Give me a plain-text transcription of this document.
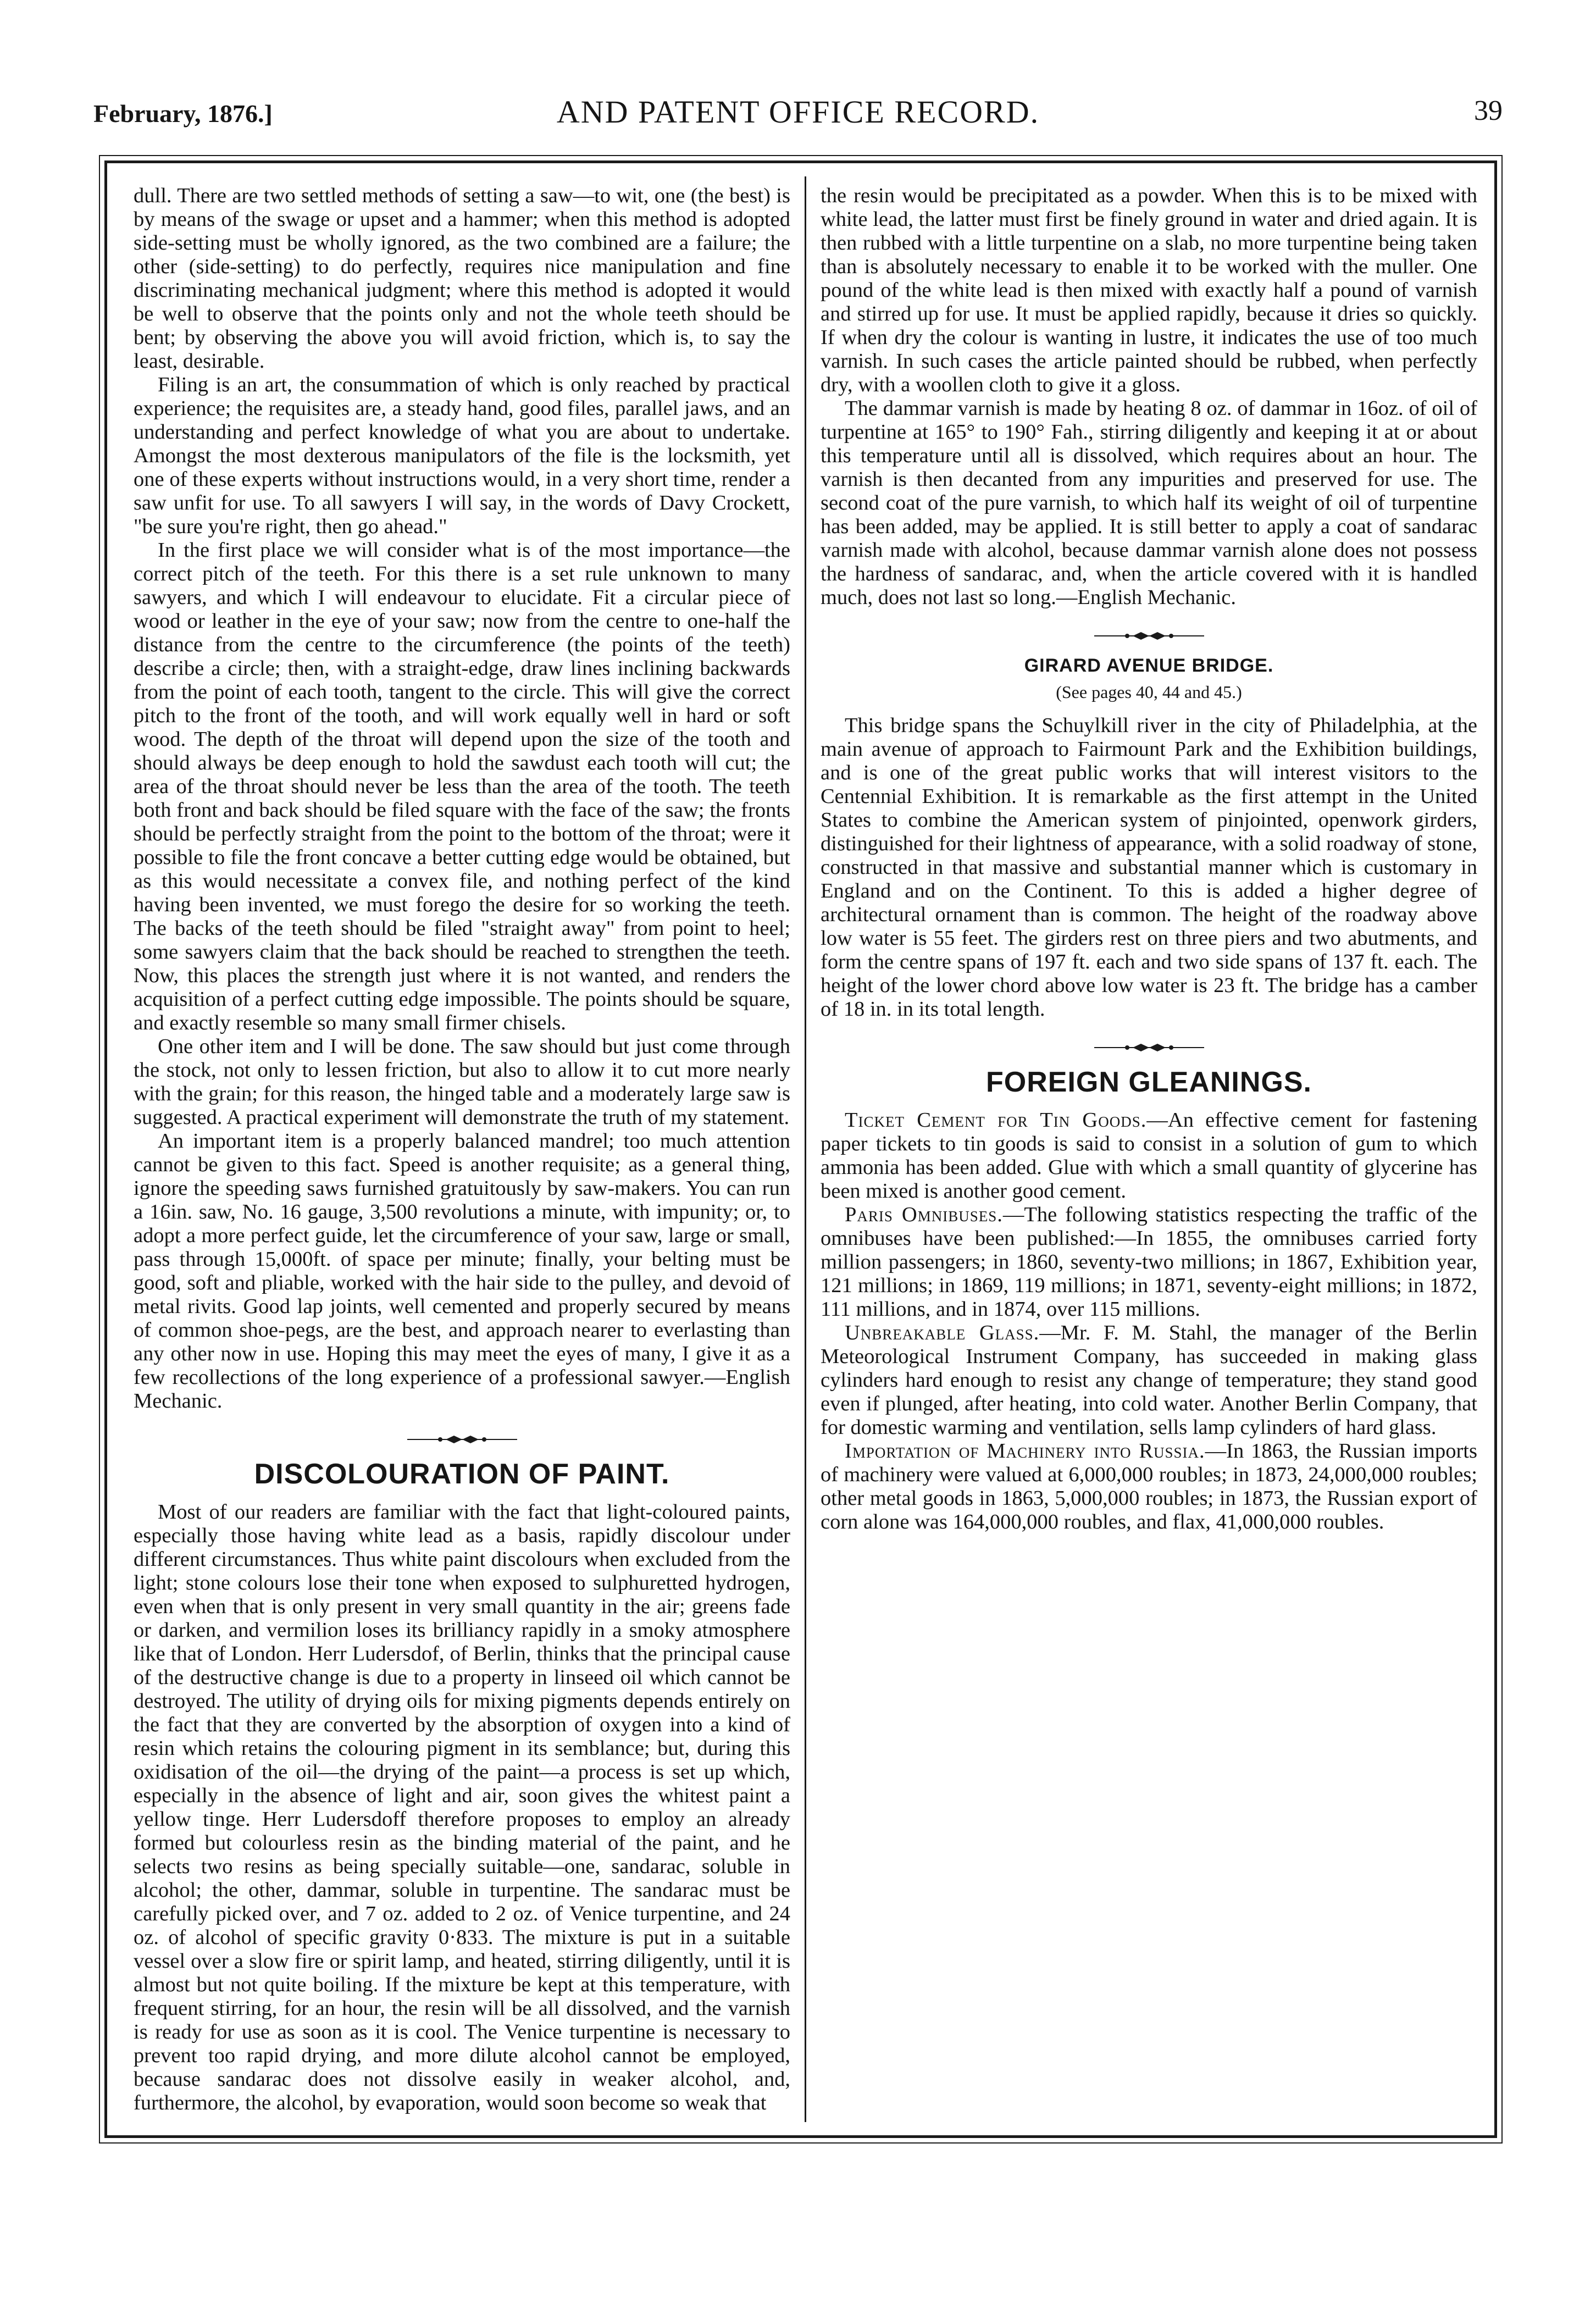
February, 1876.]	AND PATENT OFFICE RECORD.	39

dull. There are two settled methods of setting a saw—to wit, one (the best) is by means of the swage or upset and a hammer; when this method is adopted side-setting must be wholly ignored, as the two combined are a failure; the other (side-setting) to do perfectly, requires nice manipulation and fine discriminating mechanical judgment; where this method is adopted it would be well to observe that the points only and not the whole teeth should be bent; by observing the above you will avoid friction, which is, to say the least, desirable.

Filing is an art, the consummation of which is only reached by practical experience; the requisites are, a steady hand, good files, parallel jaws, and an understanding and perfect knowledge of what you are about to undertake. Amongst the most dexterous manipulators of the file is the locksmith, yet one of these experts without instructions would, in a very short time, render a saw unfit for use. To all sawyers I will say, in the words of Davy Crockett, "be sure you're right, then go ahead."

In the first place we will consider what is of the most importance—the correct pitch of the teeth. For this there is a set rule unknown to many sawyers, and which I will endeavour to elucidate. Fit a circular piece of wood or leather in the eye of your saw; now from the centre to one-half the distance from the centre to the circumference (the points of the teeth) describe a circle; then, with a straight-edge, draw lines inclining backwards from the point of each tooth, tangent to the circle. This will give the correct pitch to the front of the tooth, and will work equally well in hard or soft wood. The depth of the throat will depend upon the size of the tooth and should always be deep enough to hold the sawdust each tooth will cut; the area of the throat should never be less than the area of the tooth. The teeth both front and back should be filed square with the face of the saw; the fronts should be perfectly straight from the point to the bottom of the throat; were it possible to file the front concave a better cutting edge would be obtained, but as this would necessitate a convex file, and nothing perfect of the kind having been invented, we must forego the desire for so working the teeth. The backs of the teeth should be filed "straight away" from point to heel; some sawyers claim that the back should be reached to strengthen the teeth. Now, this places the strength just where it is not wanted, and renders the acquisition of a perfect cutting edge impossible. The points should be square, and exactly resemble so many small firmer chisels.

One other item and I will be done. The saw should but just come through the stock, not only to lessen friction, but also to allow it to cut more nearly with the grain; for this reason, the hinged table and a moderately large saw is suggested. A practical experiment will demonstrate the truth of my statement.

An important item is a properly balanced mandrel; too much attention cannot be given to this fact. Speed is another requisite; as a general thing, ignore the speeding saws furnished gratuitously by saw-makers. You can run a 16in. saw, No. 16 gauge, 3,500 revolutions a minute, with impunity; or, to adopt a more perfect guide, let the circumference of your saw, large or small, pass through 15,000ft. of space per minute; finally, your belting must be good, soft and pliable, worked with the hair side to the pulley, and devoid of metal rivits. Good lap joints, well cemented and properly secured by means of common shoe-pegs, are the best, and approach nearer to everlasting than any other now in use. Hoping this may meet the eyes of many, I give it as a few recollections of the long experience of a professional sawyer.—English Mechanic.

DISCOLOURATION OF PAINT.

Most of our readers are familiar with the fact that light-coloured paints, especially those having white lead as a basis, rapidly discolour under different circumstances. Thus white paint discolours when excluded from the light; stone colours lose their tone when exposed to sulphuretted hydrogen, even when that is only present in very small quantity in the air; greens fade or darken, and vermilion loses its brilliancy rapidly in a smoky atmosphere like that of London. Herr Ludersdof, of Berlin, thinks that the principal cause of the destructive change is due to a property in linseed oil which cannot be destroyed. The utility of drying oils for mixing pigments depends entirely on the fact that they are converted by the absorption of oxygen into a kind of resin which retains the colouring pigment in its semblance; but, during this oxidisation of the oil—the drying of the paint—a process is set up which, especially in the absence of light and air, soon gives the whitest paint a yellow tinge. Herr Ludersdoff therefore proposes to employ an already formed but colourless resin as the binding material of the paint, and he selects two resins as being specially suitable—one, sandarac, soluble in alcohol; the other, dammar, soluble in turpentine. The sandarac must be carefully picked over, and 7 oz. added to 2 oz. of Venice turpentine, and 24 oz. of alcohol of specific gravity 0·833. The mixture is put in a suitable vessel over a slow fire or spirit lamp, and heated, stirring diligently, until it is almost but not quite boiling. If the mixture be kept at this temperature, with frequent stirring, for an hour, the resin will be all dissolved, and the varnish is ready for use as soon as it is cool. The Venice turpentine is necessary to prevent too rapid drying, and more dilute alcohol cannot be employed, because sandarac does not dissolve easily in weaker alcohol, and, furthermore, the alcohol, by evaporation, would soon become so weak that

the resin would be precipitated as a powder. When this is to be mixed with white lead, the latter must first be finely ground in water and dried again. It is then rubbed with a little turpentine on a slab, no more turpentine being taken than is absolutely necessary to enable it to be worked with the muller. One pound of the white lead is then mixed with exactly half a pound of varnish and stirred up for use. It must be applied rapidly, because it dries so quickly. If when dry the colour is wanting in lustre, it indicates the use of too much varnish. In such cases the article painted should be rubbed, when perfectly dry, with a woollen cloth to give it a gloss.

The dammar varnish is made by heating 8 oz. of dammar in 16oz. of oil of turpentine at 165° to 190° Fah., stirring diligently and keeping it at or about this temperature until all is dissolved, which requires about an hour. The varnish is then decanted from any impurities and preserved for use. The second coat of the pure varnish, to which half its weight of oil of turpentine has been added, may be applied. It is still better to apply a coat of sandarac varnish made with alcohol, because dammar varnish alone does not possess the hardness of sandarac, and, when the article covered with it is handled much, does not last so long.—English Mechanic.

GIRARD AVENUE BRIDGE.
(See pages 40, 44 and 45.)

This bridge spans the Schuylkill river in the city of Philadelphia, at the main avenue of approach to Fairmount Park and the Exhibition buildings, and is one of the great public works that will interest visitors to the Centennial Exhibition. It is remarkable as the first attempt in the United States to combine the American system of pinjointed, openwork girders, distinguished for their lightness of appearance, with a solid roadway of stone, constructed in that massive and substantial manner which is customary in England and on the Continent. To this is added a higher degree of architectural ornament than is common. The height of the roadway above low water is 55 feet. The girders rest on three piers and two abutments, and form the centre spans of 197 ft. each and two side spans of 137 ft. each. The height of the lower chord above low water is 23 ft. The bridge has a camber of 18 in. in its total length.

FOREIGN GLEANINGS.

Ticket Cement for Tin Goods.—An effective cement for fastening paper tickets to tin goods is said to consist in a solution of gum to which ammonia has been added. Glue with which a small quantity of glycerine has been mixed is another good cement.

Paris Omnibuses.—The following statistics respecting the traffic of the omnibuses have been published:—In 1855, the omnibuses carried forty million passengers; in 1860, seventy-two millions; in 1867, Exhibition year, 121 millions; in 1869, 119 millions; in 1871, seventy-eight millions; in 1872, 111 millions, and in 1874, over 115 millions.

Unbreakable Glass.—Mr. F. M. Stahl, the manager of the Berlin Meteorological Instrument Company, has succeeded in making glass cylinders hard enough to resist any change of temperature; they stand good even if plunged, after heating, into cold water. Another Berlin Company, that for domestic warming and ventilation, sells lamp cylinders of hard glass.

Importation of Machinery into Russia.—In 1863, the Russian imports of machinery were valued at 6,000,000 roubles; in 1873, 24,000,000 roubles; other metal goods in 1863, 5,000,000 roubles; in 1873, the Russian export of corn alone was 164,000,000 roubles, and flax, 41,000,000 roubles.
